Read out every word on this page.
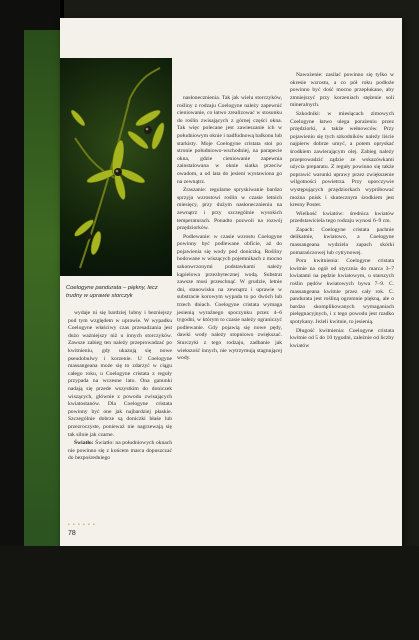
Coelogyne pandurata – piękny, lecz trudny w uprawie storczyk

wydaje ni się bardziej lubny i bezniejszy pod tym względem w uprawie. W wypadku Coelogyne właściwy czas przesadzania jest dużo ważniejszy niż u innych storczyków. Zawsze zabieg ten należy przeprowadzać po kwitnieniu, gdy ukazują się nowe pseudobulwy i korzenie. U Coelogyne massangeana może się to zdarzyć w ciągu całego roku, u Coelogyne cristata z reguły przypada na wczesne lato. Ona ganunki nadają się przede wszystkim do doniczek wiszących, głównie z powodu zwisających kwiatostanów. Dla Coelogyne cristata powinny być one jak najbardziej płaskie. Szczególnie dobrze są doniczki błaśe lub przezroczyste, ponieważ nie nagrzewają się tak silnie jak czarne.

Światło: Światło: na południowych oknach nie powinno się z końcem marca dopuszczać do bezpośredniego

nasłonecznienia. Tak jak wielu storczyków, rośliny z rodzaju Coelogyne należy zapewnić cieniowanie, co łatwo zrealizować w stosunku do roślin zwisających z górnej części okna. Tak więc polecane jest zawieszanie ich w południowym oknie i nadfudnową balkonu lub starkisty. Moje Coelogyne cristata stoi po stronie południowo-wschodniej, na parapecie okna, gdzie cieniowanie zapewnia zainstalowana w oknie siatka przeciw owadom, a od lata do jesieni wystawiona go na zewnątrz.

Zraszanie: regularne spryskiwanie bardzo sprzyja wzrostowi roślin w czasie letnich miesięcy, przy dużym nasłonecznieniu na zewnątrz i przy szczególnie wysokich temperaturach. Ponadto pozwoli na rozwój przędziorków.

Podlewanie: w czasie wzrostu Coelogyne powinny być podlewane obficie, aż do pojawienia się wody pod doniczką. Rośliny hodowane w wiszących pojemnikach z mocno sakonwrzonymi podstawkami należy kąpielowa przezbytecznej wodą. Substrat zawsze musi przeschnąć. W grudzie, letnie dni, stanowisku na zewnątrz i uprawie w substracie korowym wypada to po dwóch lub trzech dniach. Coelogyne cristata wymaga jesienią wyraźnego spoczynku przez 4–6 tygodni, w którym to czasie należy ograniczyć podlewanie. Gdy pojawią się nowe pędy, dawki wody należy stopniowo zwiększać. Sturczyki z tego rodzaju, zadbanie jak wiekszość innych, nie wytrzymują stagnującej wody.

Nawożenie: zasilać powinno się tylko w okresie wzrostu, a co pół roku podłoże powinno być dość mocno przepłukane, aby zmniejszyć przy korzeniach stężenie soli mineralnych.

Szkodniki: w miesiącach zimowych Coelogyne łatwo ulega porażeniu przez przędziorki, a także wełnowców. Przy pojawieniu się tych szkodników należy liście najpierw dobrze umyć, a potem opryskać środkiem zawierającym olej. Zabieg należy przeprowadzić ządzie ze wskazówkami użycia preparatu. Z reguły powinno się także poprawić warunki uprawy przez zwiększenie wilgotności powietrza. Przy uporczywie występujących przędziorkach wypróbować można pnisk i skutecznym środkiem jest kresny Poster.

Wielkość kwiatów: średnica kwiatów przedstawiciela tego rodzaju wynosi 6–9 cm.

Zapach: Coelogyne cristata pachnie delikatnie, kwiatowo, a Coelogyne massangeana wydziela zapach skórki pomarańczowej lub cytrynowej.

Pora kwitnienia: Coelogyne cristata kwitnie na ogół od stycznia do marca 3–7 kwiatami na pędzie kwiatowym, u starszych roślin pędów kwiatowych bywa 7–9. C. massangeana kwitnie przez cały rok. C. pandurata jest rośliną ogromnie piękną, ale o bardzo skomplikowanych wymaganiach pielęgnacyjnych, i z tego powodu jest rzadko spotykany. Jeżeli kwitnie, to jesienią.

Długość kwitnienia: Coelogyne cristata kwitnie od 5 do 10 tygodni, zależnie od liczby kwiatów

• • • • • •
78
